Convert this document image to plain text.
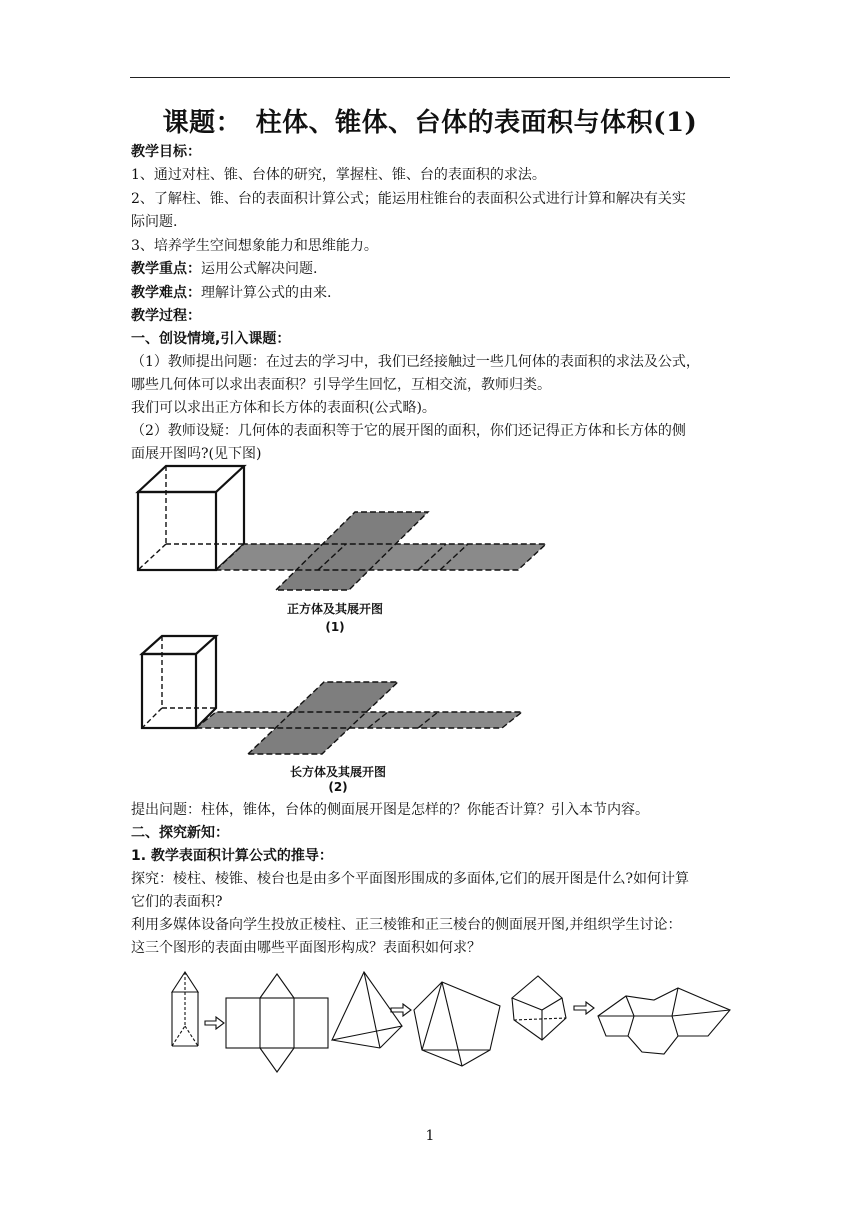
课题：　柱体、锥体、台体的表面积与体积(1)
教学目标：
1、通过对柱、锥、台体的研究，掌握柱、锥、台的表面积的求法。
2、了解柱、锥、台的表面积计算公式；能运用柱锥台的表面积公式进行计算和解决有关实
际问题.
3、培养学生空间想象能力和思维能力。
教学重点：运用公式解决问题.
教学难点：理解计算公式的由来.
教学过程：
一、创设情境,引入课题：
（1）教师提出问题：在过去的学习中，我们已经接触过一些几何体的表面积的求法及公式，
哪些几何体可以求出表面积？引导学生回忆，互相交流，教师归类。
我们可以求出正方体和长方体的表面积(公式略)。
（2）教师设疑：几何体的表面积等于它的展开图的面积，你们还记得正方体和长方体的侧
面展开图吗?(见下图)
正方体及其展开图
(1)
长方体及其展开图
(2)
提出问题：柱体，锥体，台体的侧面展开图是怎样的？你能否计算？引入本节内容。
二、探究新知：
1. 教学表面积计算公式的推导：
探究：棱柱、棱锥、棱台也是由多个平面图形围成的多面体,它们的展开图是什么?如何计算
它们的表面积?
利用多媒体设备向学生投放正棱柱、正三棱锥和正三棱台的侧面展开图,并组织学生讨论：
这三个图形的表面由哪些平面图形构成？表面积如何求？
1
